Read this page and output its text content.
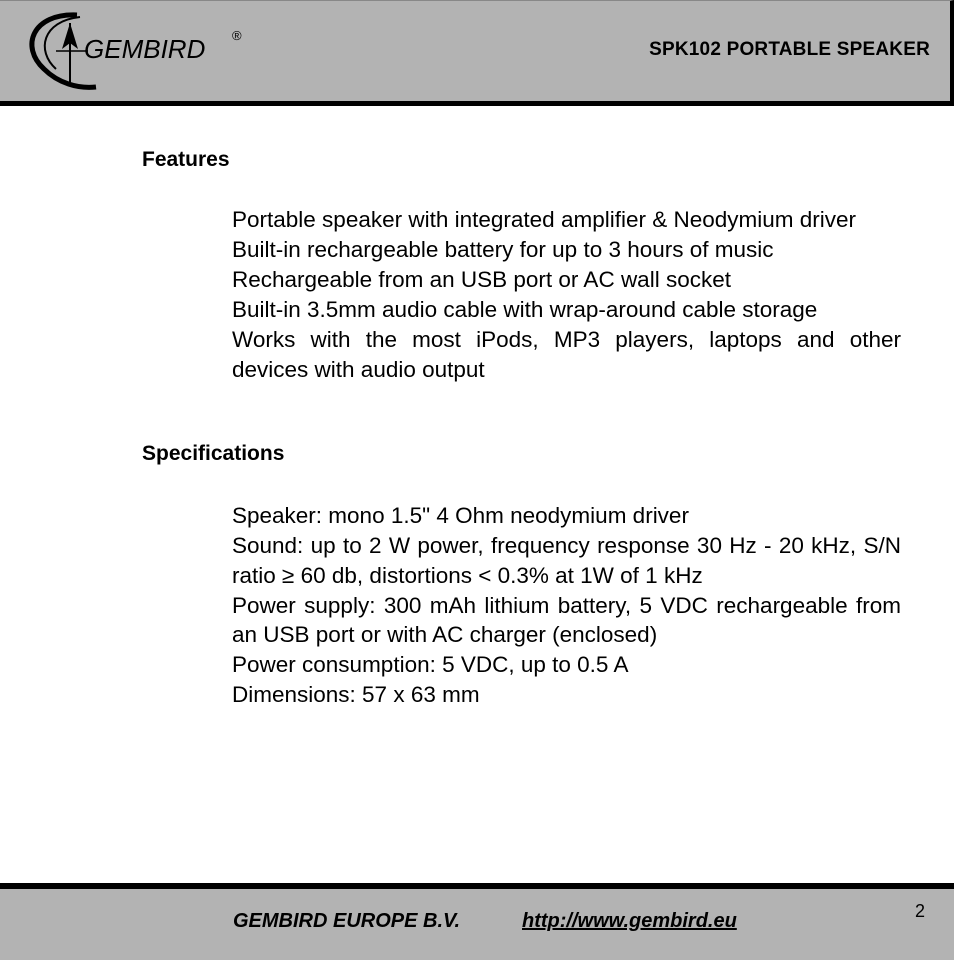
GEMBIRD ®
SPK102 PORTABLE SPEAKER
Features
Portable speaker with integrated amplifier & Neodymium driver
Built-in rechargeable battery for up to 3 hours of music
Rechargeable from an USB port or AC wall socket
Built-in 3.5mm audio cable with wrap-around cable storage
Works with the most iPods, MP3 players, laptops and other devices with audio output
Specifications
Speaker: mono 1.5" 4 Ohm neodymium driver
Sound: up to 2 W power, frequency response 30 Hz - 20 kHz, S/N ratio ≥ 60 db, distortions < 0.3% at 1W of 1 kHz
Power supply: 300 mAh lithium battery, 5 VDC rechargeable from an USB port or with AC charger (enclosed)
Power consumption: 5 VDC, up to 0.5 A
Dimensions: 57 x 63 mm
GEMBIRD EUROPE B.V.	http://www.gembird.eu	2
